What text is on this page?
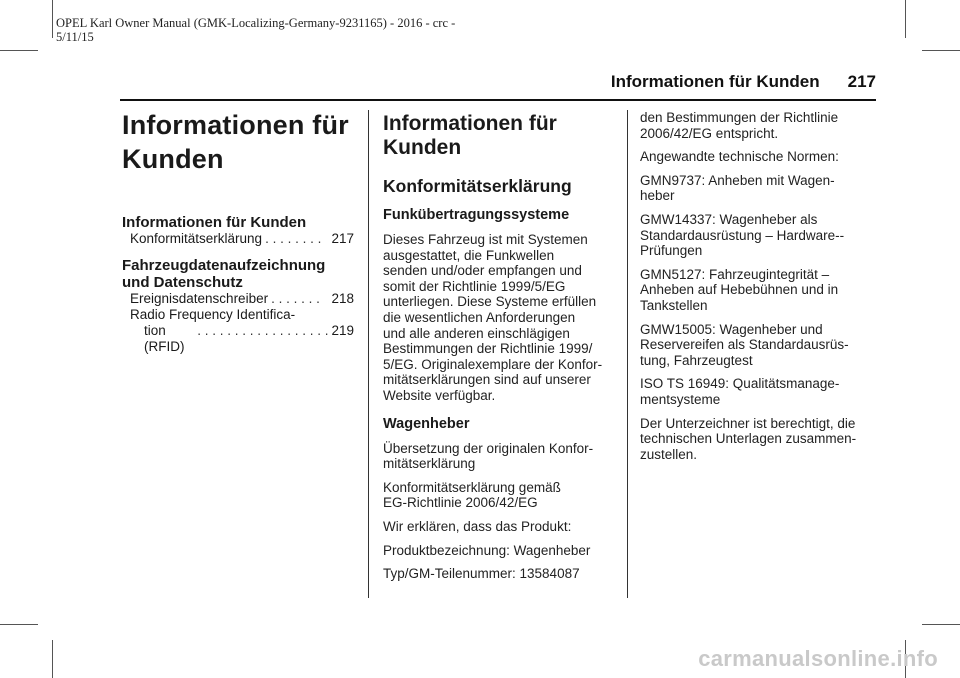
OPEL Karl Owner Manual (GMK-Localizing-Germany-9231165) - 2016 - crc -
5/11/15
Informationen für Kunden 217
Informationen für
Kunden
Informationen für Kunden
Konformitätserklärung . . . . . . . . 217
Fahrzeugdatenaufzeichnung
und Datenschutz
Ereignisdatenschreiber . . . . . . . 218
Radio Frequency Identifica-
tion (RFID)
. . . . . . . . . . . . . . . . . . 219
Informationen für
Kunden
Konformitätserklärung
Funkübertragungssysteme

Dieses Fahrzeug ist mit Systemen
ausgestattet, die Funkwellen
senden und/oder empfangen und
somit der Richtlinie 1999/5/EG
unterliegen. Diese Systeme erfüllen
die wesentlichen Anforderungen
und alle anderen einschlägigen
Bestimmungen der Richtlinie 1999/
5/EG. Originalexemplare der Konfor-
mitätserklärungen sind auf unserer
Website verfügbar.

Wagenheber

Übersetzung der originalen Konfor-
mitätserklärung

Konformitätserklärung gemäß
EG-Richtlinie 2006/42/EG

Wir erklären, dass das Produkt:

Produktbezeichnung: Wagenheber

Typ/GM-Teilenummer: 13584087

den Bestimmungen der Richtlinie
2006/42/EG entspricht.

Angewandte technische Normen:

GMN9737: Anheben mit Wagen-
heber

GMW14337: Wagenheber als
Standardausrüstung – Hardware--
Prüfungen

GMN5127: Fahrzeugintegrität –
Anheben auf Hebebühnen und in
Tankstellen

GMW15005: Wagenheber und
Reservereifen als Standardausrüs-
tung, Fahrzeugtest

ISO TS 16949: Qualitätsmanage-
mentsysteme

Der Unterzeichner ist berechtigt, die
technischen Unterlagen zusammen-
zustellen.

carmanualsonline.info
